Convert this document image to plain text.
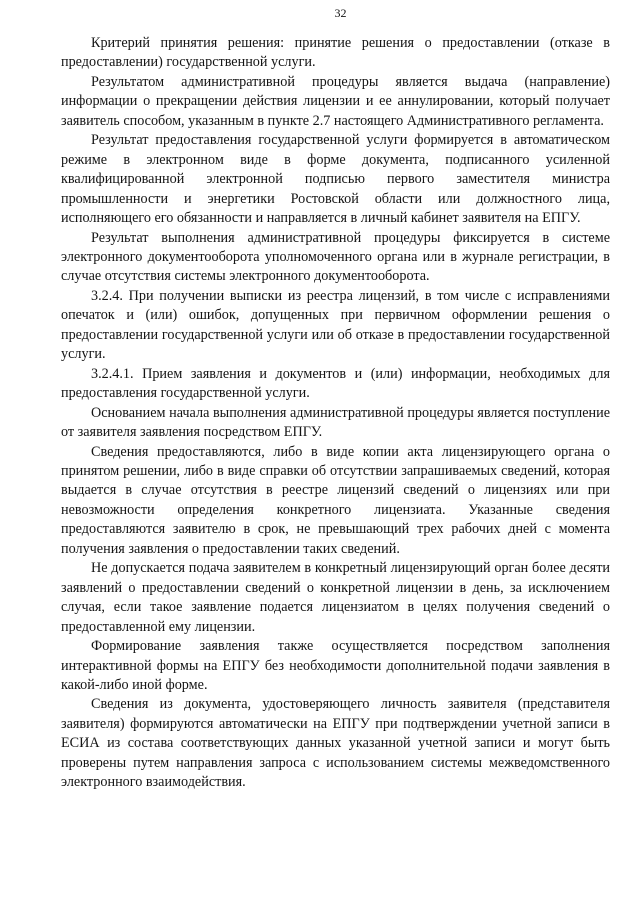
32

Критерий принятия решения: принятие решения о предоставлении (отказе в предоставлении) государственной услуги.

Результатом административной процедуры является выдача (направление) информации о прекращении действия лицензии и ее аннулировании, который получает заявитель способом, указанным в пункте 2.7 настоящего Административного регламента.

Результат предоставления государственной услуги формируется в автоматическом режиме в электронном виде в форме документа, подписанного усиленной квалифицированной электронной подписью первого заместителя министра промышленности и энергетики Ростовской области или должностного лица, исполняющего его обязанности и направляется в личный кабинет заявителя на ЕПГУ.

Результат выполнения административной процедуры фиксируется в системе электронного документооборота уполномоченного органа или в журнале регистрации, в случае отсутствия системы электронного документооборота.

3.2.4. При получении выписки из реестра лицензий, в том числе с исправлениями опечаток и (или) ошибок, допущенных при первичном оформлении решения о предоставлении государственной услуги или об отказе в предоставлении государственной услуги.

3.2.4.1. Прием заявления и документов и (или) информации, необходимых для предоставления государственной услуги.

Основанием начала выполнения административной процедуры является поступление от заявителя заявления посредством ЕПГУ.

Сведения предоставляются, либо в виде копии акта лицензирующего органа о принятом решении, либо в виде справки об отсутствии запрашиваемых сведений, которая выдается в случае отсутствия в реестре лицензий сведений о лицензиях или при невозможности определения конкретного лицензиата. Указанные сведения предоставляются заявителю в срок, не превышающий трех рабочих дней с момента получения заявления о предоставлении таких сведений.

Не допускается подача заявителем в конкретный лицензирующий орган более десяти заявлений о предоставлении сведений о конкретной лицензии в день, за исключением случая, если такое заявление подается лицензиатом в целях получения сведений о предоставленной ему лицензии.

Формирование заявления также осуществляется посредством заполнения интерактивной формы на ЕПГУ без необходимости дополнительной подачи заявления в какой-либо иной форме.

Сведения из документа, удостоверяющего личность заявителя (представителя заявителя) формируются автоматически на ЕПГУ при подтверждении учетной записи в ЕСИА из состава соответствующих данных указанной учетной записи и могут быть проверены путем направления запроса с использованием системы межведомственного электронного взаимодействия.
